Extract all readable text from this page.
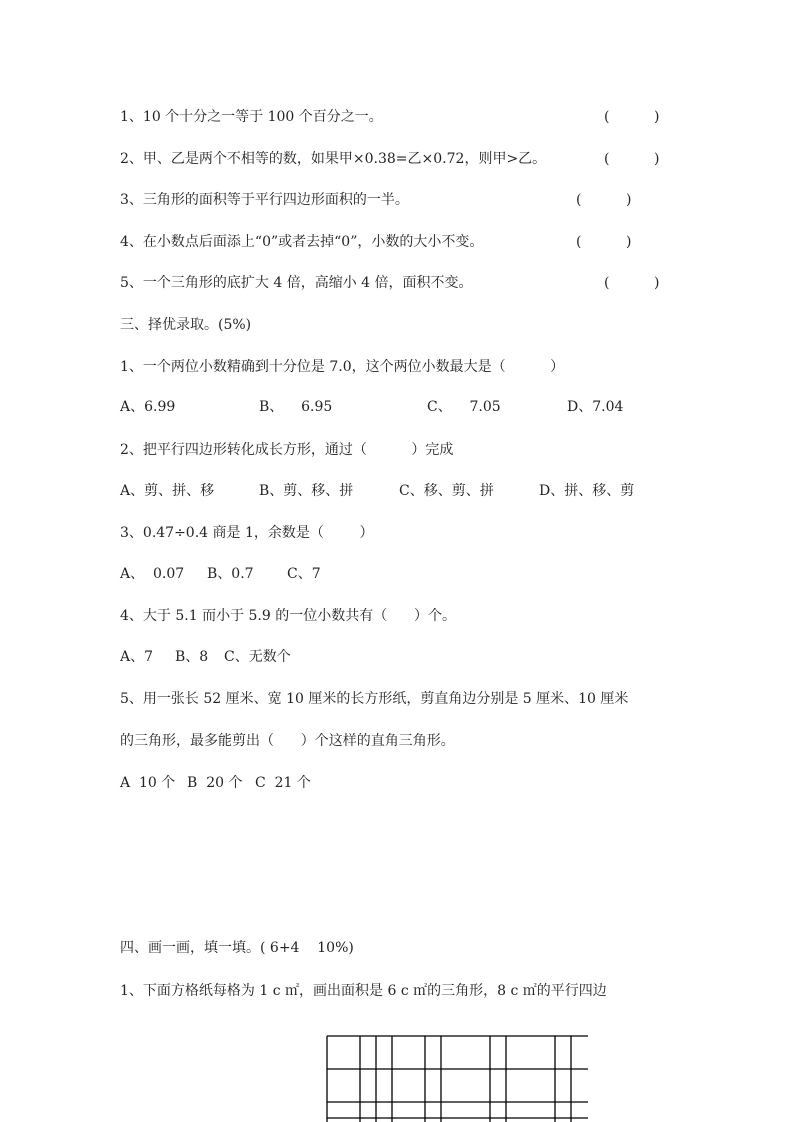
1、10 个十分之一等于 100 个百分之一。	(          )
2、甲、乙是两个不相等的数，如果甲×0.38=乙×0.72，则甲>乙。	(          )
3、三角形的面积等于平行四边形面积的一半。	(          )
4、在小数点后面添上“0”或者去掉“0”，小数的大小不变。	(          )
5、一个三角形的底扩大 4 倍，高缩小 4 倍，面积不变。	(          )
三、择优录取。(5%)
1、一个两位小数精确到十分位是 7.0，这个两位小数最大是（          ）
A、6.99	B、    6.95	C、    7.05	D、7.04
2、把平行四边形转化成长方形，通过（          ）完成
A、剪、拼、移	B、剪、移、拼	C、移、剪、拼	D、拼、移、剪
3、0.47÷0.4 商是 1，余数是（        ）
A、  0.07 B、0.7 C、7
4、大于 5.1 而小于 5.9 的一位小数共有（      ）个。
A、7 B、8 C、无数个
5、用一张长 52 厘米、宽 10 厘米的长方形纸，剪直角边分别是 5 厘米、10 厘米
的三角形，最多能剪出（      ）个这样的直角三角形。
A  10 个 B  20 个 C  21 个
四、画一画，填一填。( 6+4    10%)
1、下面方格纸每格为 1 c ㎡，画出面积是 6 c ㎡的三角形，8 c ㎡的平行四边
